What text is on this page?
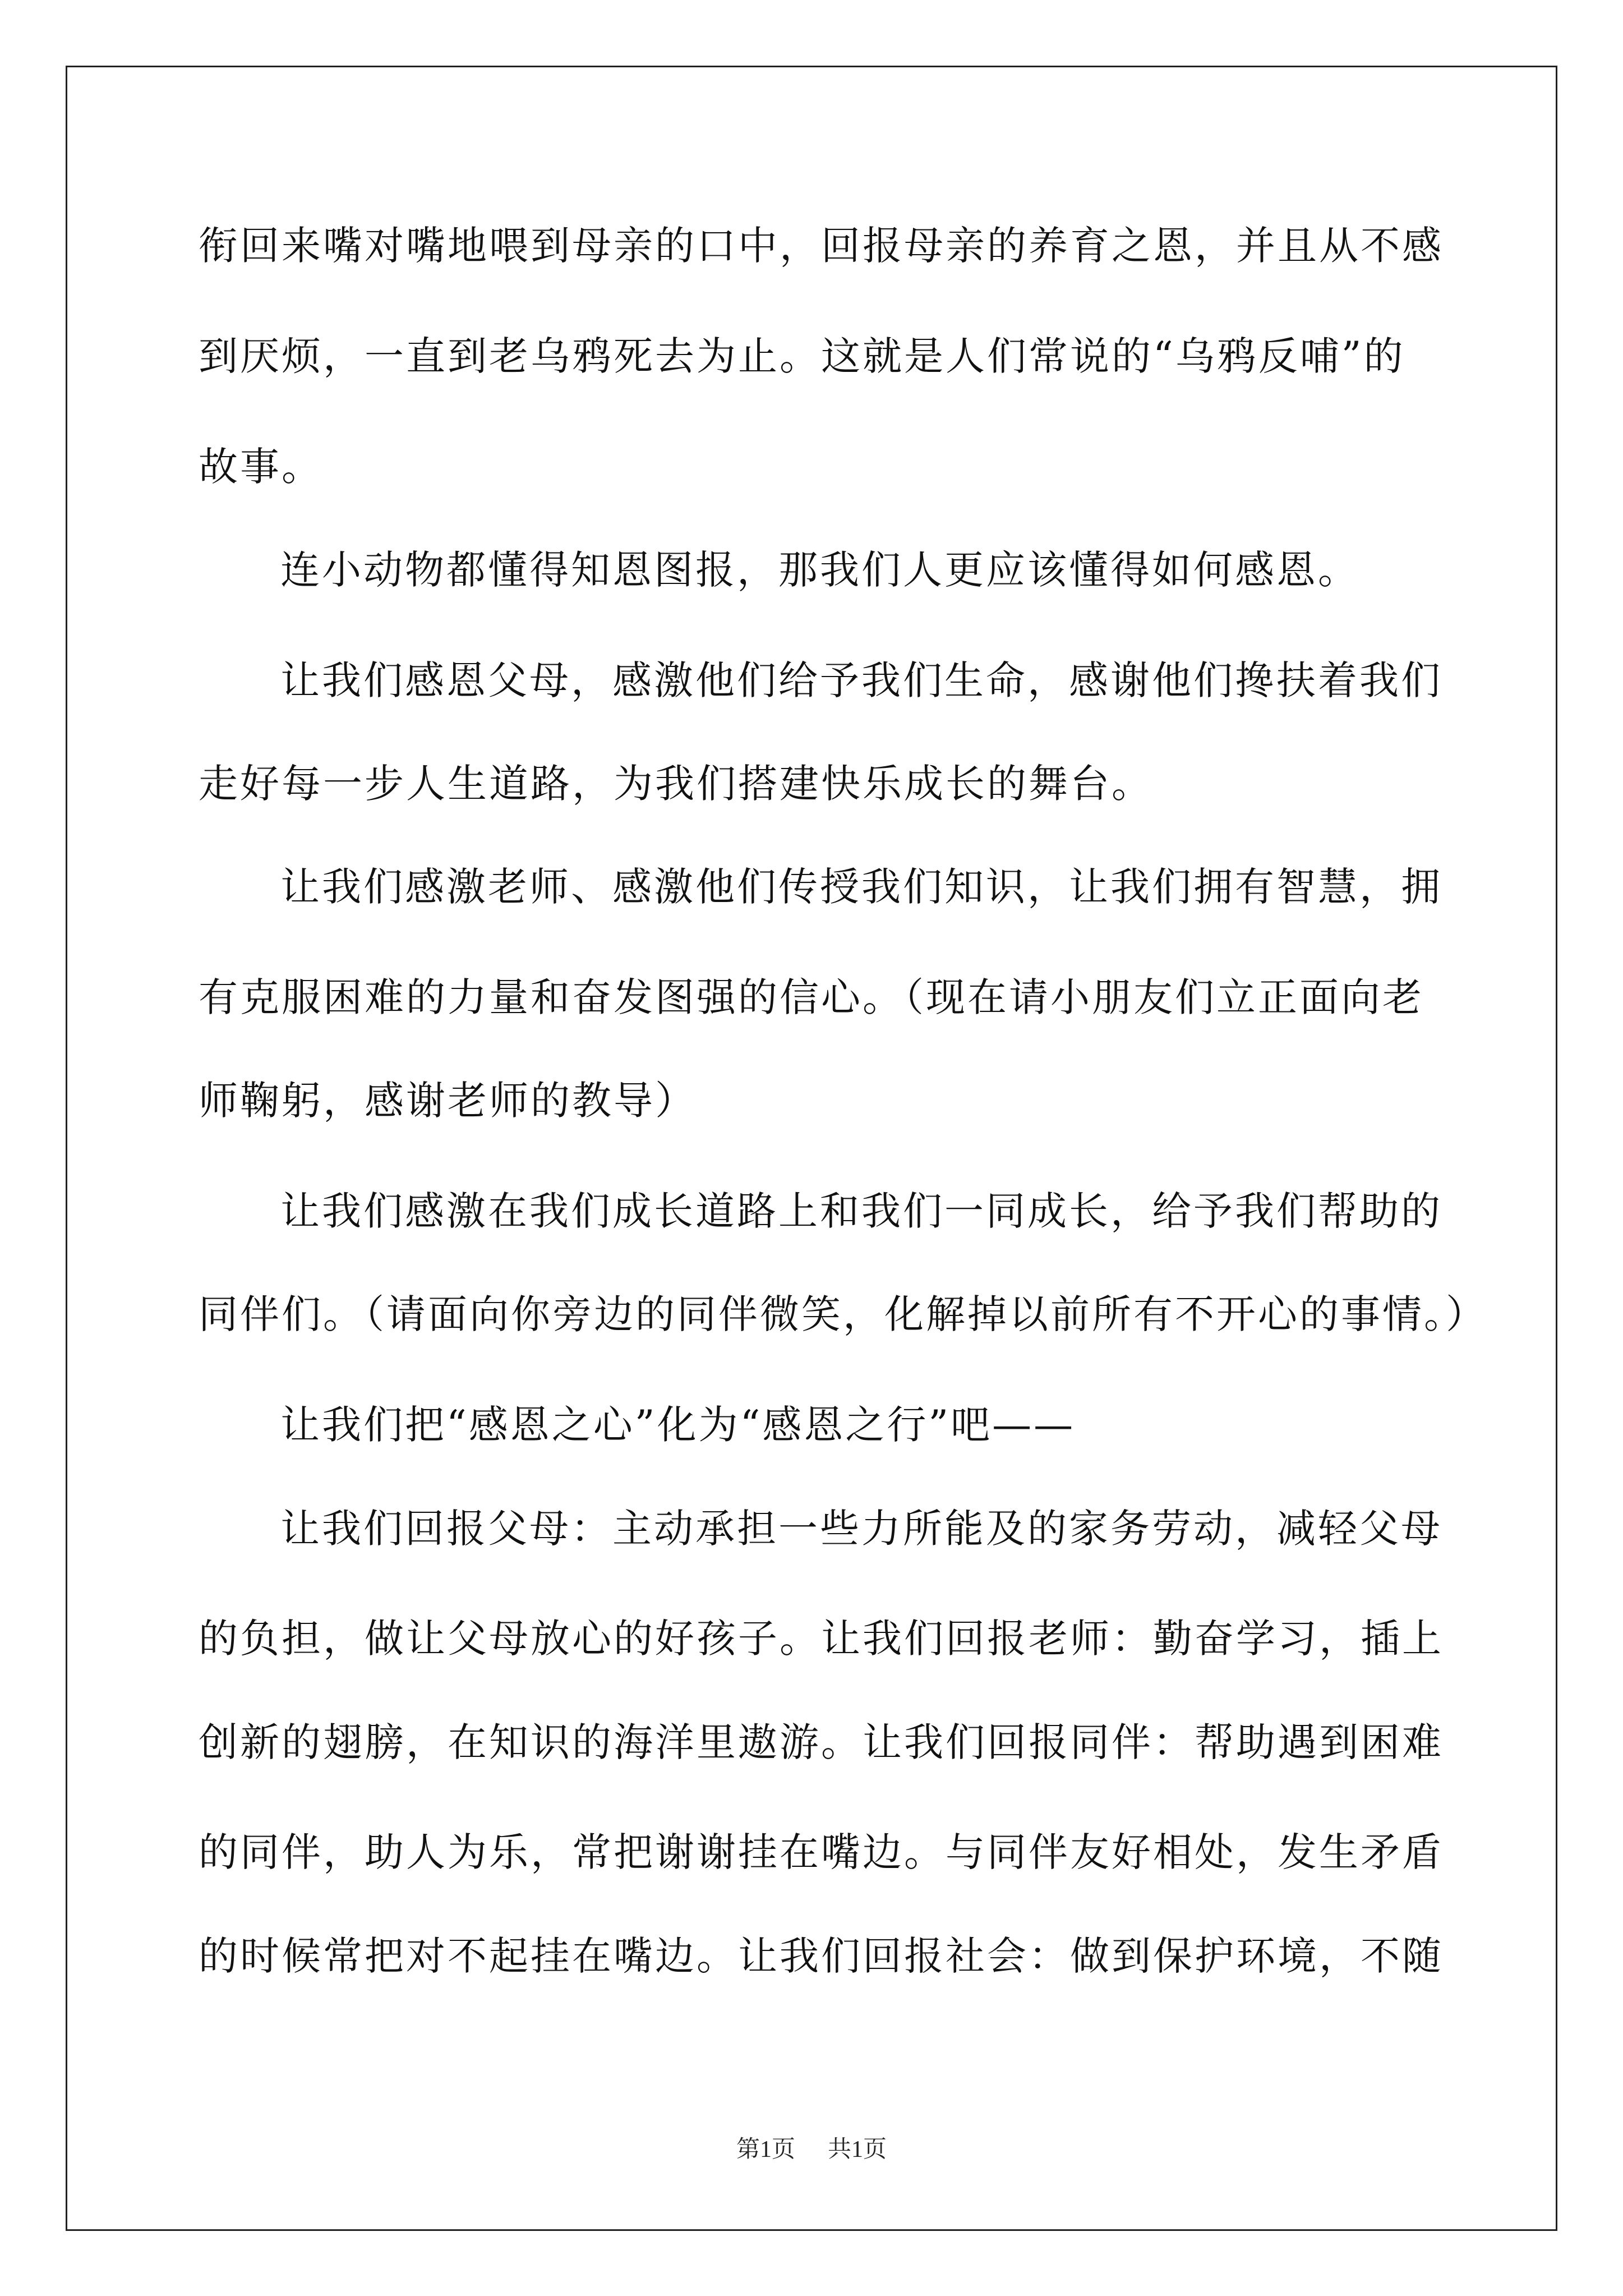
衔回来嘴对嘴地喂到母亲的口中，回报母亲的养育之恩，并且从不感
到厌烦，一直到老乌鸦死去为止。这就是人们常说的“乌鸦反哺”的
故事。
连小动物都懂得知恩图报，那我们人更应该懂得如何感恩。
让我们感恩父母，感激他们给予我们生命，感谢他们搀扶着我们
走好每一步人生道路，为我们搭建快乐成长的舞台。
让我们感激老师、感激他们传授我们知识，让我们拥有智慧，拥
有克服困难的力量和奋发图强的信心。（现在请小朋友们立正面向老
师鞠躬，感谢老师的教导）
让我们感激在我们成长道路上和我们一同成长，给予我们帮助的
同伴们。（请面向你旁边的同伴微笑，化解掉以前所有不开心的事情。）
让我们把“感恩之心”化为“感恩之行”吧——
让我们回报父母：主动承担一些力所能及的家务劳动，减轻父母
的负担，做让父母放心的好孩子。让我们回报老师：勤奋学习，插上
创新的翅膀，在知识的海洋里遨游。让我们回报同伴：帮助遇到困难
的同伴，助人为乐，常把谢谢挂在嘴边。与同伴友好相处，发生矛盾
的时候常把对不起挂在嘴边。让我们回报社会：做到保护环境，不随
第1页 共1页
